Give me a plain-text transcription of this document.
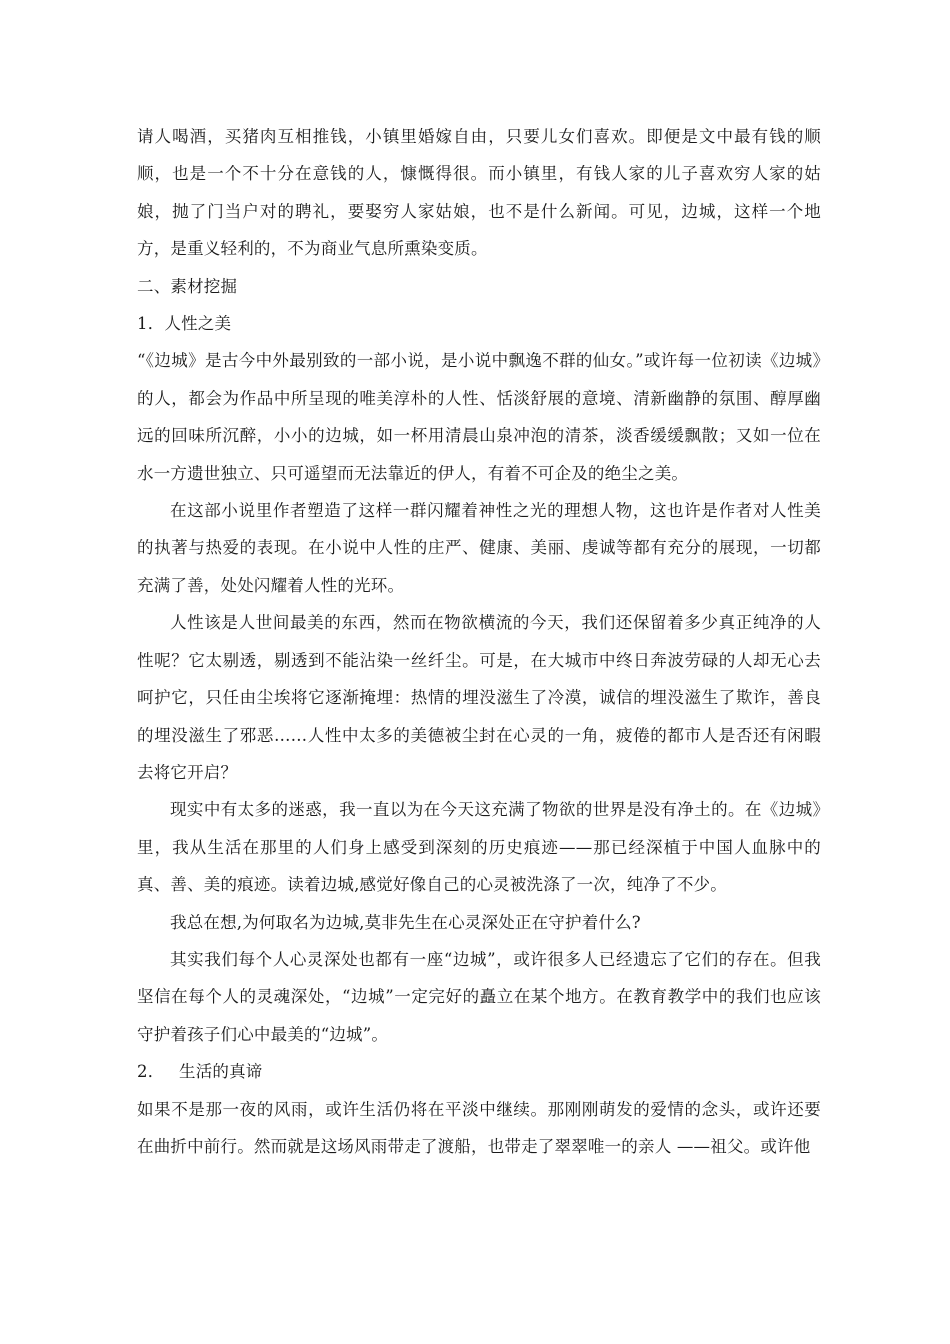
请人喝酒，买猪肉互相推钱，小镇里婚嫁自由，只要儿女们喜欢。即便是文中最有钱的顺顺，也是一个不十分在意钱的人，慷慨得很。而小镇里，有钱人家的儿子喜欢穷人家的姑娘，抛了门当户对的聘礼，要娶穷人家姑娘，也不是什么新闻。可见，边城，这样一个地方，是重义轻利的，不为商业气息所熏染变质。

二、素材挖掘

1．人性之美

“《边城》是古今中外最别致的一部小说，是小说中飘逸不群的仙女。”或许每一位初读《边城》的人，都会为作品中所呈现的唯美淳朴的人性、恬淡舒展的意境、清新幽静的氛围、醇厚幽远的回味所沉醉，小小的边城，如一杯用清晨山泉冲泡的清茶，淡香缓缓飘散；又如一位在水一方遗世独立、只可遥望而无法靠近的伊人，有着不可企及的绝尘之美。

在这部小说里作者塑造了这样一群闪耀着神性之光的理想人物，这也许是作者对人性美的执著与热爱的表现。在小说中人性的庄严、健康、美丽、虔诚等都有充分的展现，一切都充满了善，处处闪耀着人性的光环。

人性该是人世间最美的东西，然而在物欲横流的今天，我们还保留着多少真正纯净的人性呢？它太剔透，剔透到不能沾染一丝纤尘。可是，在大城市中终日奔波劳碌的人却无心去呵护它，只任由尘埃将它逐渐掩埋：热情的埋没滋生了冷漠，诚信的埋没滋生了欺诈，善良的埋没滋生了邪恶……人性中太多的美德被尘封在心灵的一角，疲倦的都市人是否还有闲暇去将它开启？

现实中有太多的迷惑，我一直以为在今天这充满了物欲的世界是没有净土的。在《边城》里，我从生活在那里的人们身上感受到深刻的历史痕迹——那已经深植于中国人血脉中的真、善、美的痕迹。读着边城,感觉好像自己的心灵被洗涤了一次，纯净了不少。

我总在想,为何取名为边城,莫非先生在心灵深处正在守护着什么?

其实我们每个人心灵深处也都有一座“边城”，或许很多人已经遗忘了它们的存在。但我坚信在每个人的灵魂深处，“边城”一定完好的矗立在某个地方。在教育教学中的我们也应该守护着孩子们心中最美的“边城”。

2． 生活的真谛

如果不是那一夜的风雨，或许生活仍将在平淡中继续。那刚刚萌发的爱情的念头，或许还要在曲折中前行。然而就是这场风雨带走了渡船，也带走了翠翠唯一的亲人 ——祖父。或许他
